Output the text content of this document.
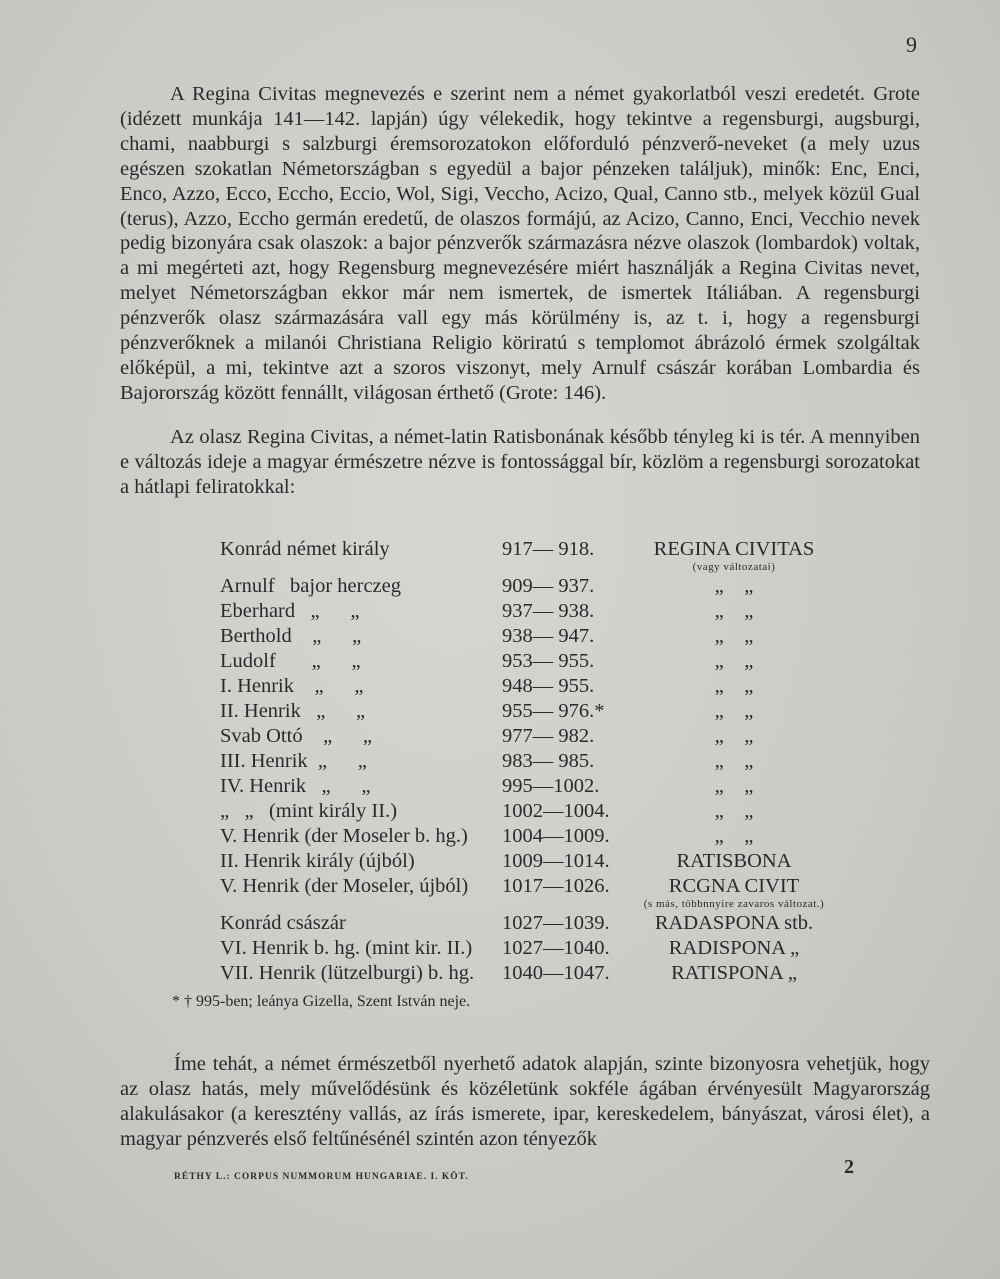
9

A Regina Civitas megnevezés e szerint nem a német gyakorlatból veszi eredetét. Grote (idézett munkája 141—142. lapján) úgy vélekedik, hogy tekintve a regensburgi, augsburgi, chami, naabburgi s salzburgi éremsorozatokon előforduló pénzverő-neveket (a mely uzus egészen szokatlan Németországban s egyedül a bajor pénzeken találjuk), minők: Enc, Enci, Enco, Azzo, Ecco, Eccho, Eccio, Wol, Sigi, Veccho, Acizo, Qual, Canno stb., melyek közül Gual (terus), Azzo, Eccho germán eredetű, de olaszos formájú, az Acizo, Canno, Enci, Vecchio nevek pedig bizonyára csak olaszok: a bajor pénzverők származásra nézve olaszok (lombardok) voltak, a mi megérteti azt, hogy Regensburg megnevezésére miért használják a Regina Civitas nevet, melyet Németországban ekkor már nem ismertek, de ismertek Itáliában. A regensburgi pénzverők olasz származására vall egy más körülmény is, az t. i, hogy a regensburgi pénzverőknek a milanói Christiana Religio köriratú s templomot ábrázoló érmek szolgáltak előképül, a mi, tekintve azt a szoros viszonyt, mely Arnulf császár korában Lombardia és Bajorország között fennállt, világosan érthető (Grote: 146).

Az olasz Regina Civitas, a német-latin Ratisbonának később tényleg ki is tér. A mennyiben e változás ideje a magyar érmészetre nézve is fontossággal bír, közlöm a regensburgi sorozatokat a hátlapi feliratokkal:

Konrád német király	917— 918.	REGINA CIVITAS
(vagy változatai)
Arnulf   bajor herczeg	909— 937.	„    „
Eberhard   „      „	937— 938.	„    „
Berthold    „      „	938— 947.	„    „
Ludolf       „      „	953— 955.	„    „
I. Henrik    „      „	948— 955.	„    „
II. Henrik   „      „	955— 976.*	„    „
Svab Ottó    „      „	977— 982.	„    „
III. Henrik  „      „	983— 985.	„    „
IV. Henrik   „      „	995—1002.	„    „
„   „   (mint király II.)	1002—1004.	„    „
V. Henrik (der Moseler b. hg.) 1004—1009.	„    „
II. Henrik király (újból)	1009—1014.	RATISBONA
V. Henrik (der Moseler, újból) 1017—1026.	RCGNA CIVIT
(s más, többnnyire zavaros változat.)
Konrád császár	1027—1039.	RADASPONA stb.
VI. Henrik b. hg. (mint kir. II.) 1027—1040.	RADISPONA „
VII. Henrik (lützelburgi) b. hg. 1040—1047.	RATISPONA „
* † 995-ben; leánya Gizella, Szent István neje.

Íme tehát, a német érmészetből nyerhető adatok alapján, szinte bizonyosra vehetjük, hogy az olasz hatás, mely művelődésünk és közéletünk sokféle ágában érvényesült Magyarország alakulásakor (a keresztény vallás, az írás ismerete, ipar, kereskedelem, bányászat, városi élet), a magyar pénzverés első feltűnésénél szintén azon tényezők

RÉTHY L.: CORPUS NUMMORUM HUNGARIAE. I. KÖT.	2
